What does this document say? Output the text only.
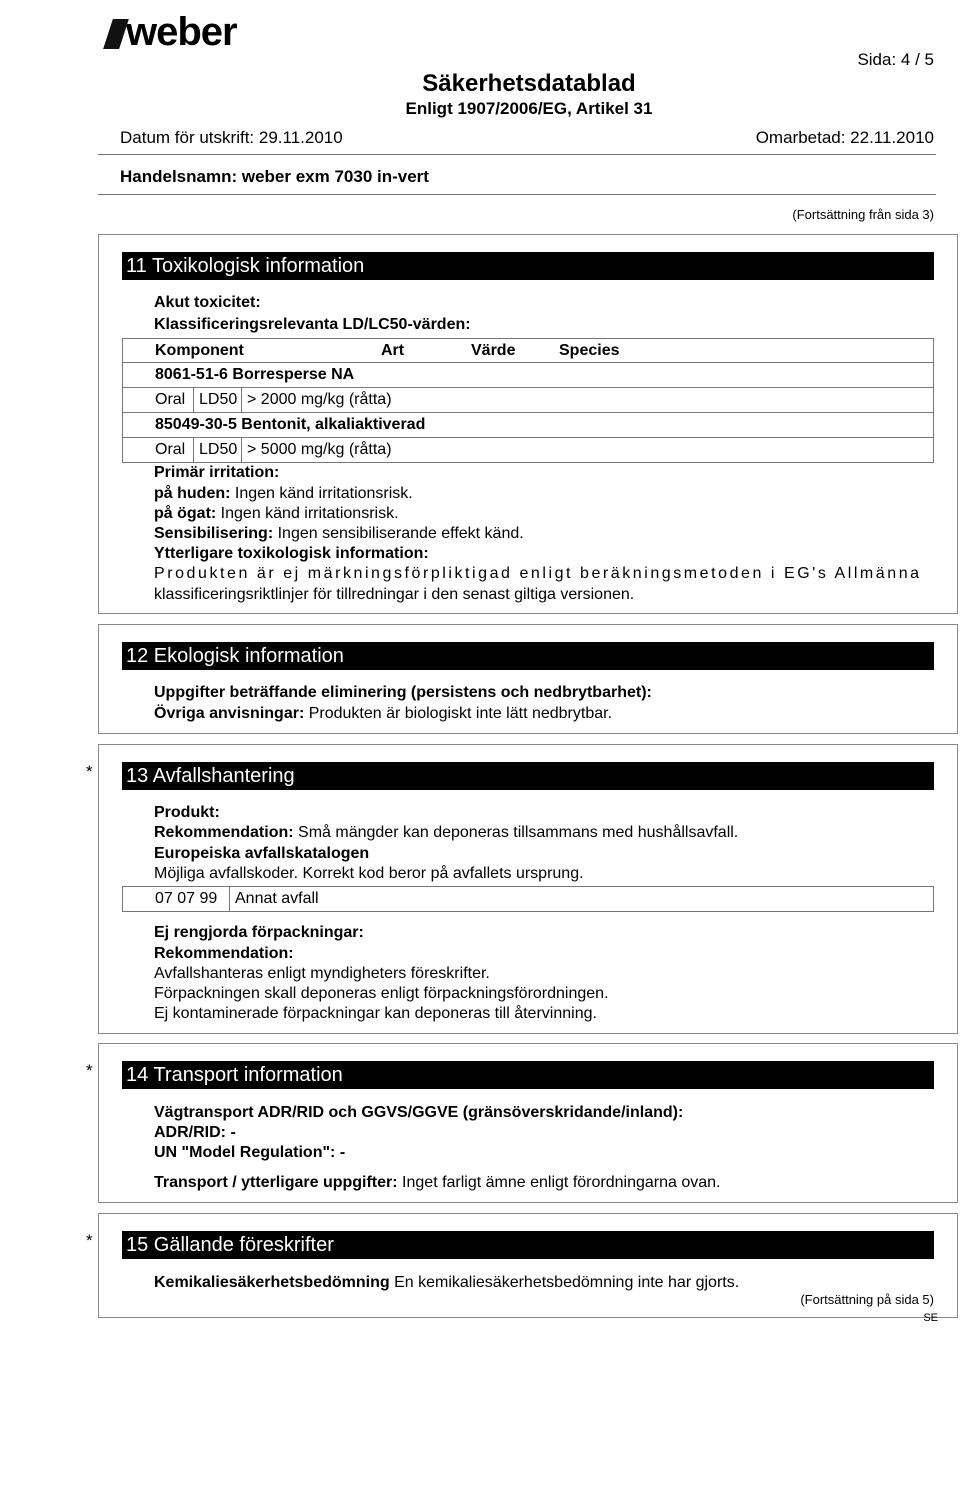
weber
Sida: 4 / 5
Säkerhetsdatablad
Enligt 1907/2006/EG, Artikel 31
Datum för utskrift: 29.11.2010	Omarbetad: 22.11.2010
Handelsnamn: weber exm 7030 in-vert
(Fortsättning från sida 3)
11 Toxikologisk information
Akut toxicitet:
Klassificeringsrelevanta LD/LC50-värden:
Komponent	Art	Värde	Species
8061-51-6 Borresperse NA
Oral LD50 > 2000 mg/kg (råtta)
85049-30-5 Bentonit, alkaliaktiverad
Oral LD50 > 5000 mg/kg (råtta)
Primär irritation:
på huden: Ingen känd irritationsrisk.
på ögat: Ingen känd irritationsrisk.
Sensibilisering: Ingen sensibiliserande effekt känd.
Ytterligare toxikologisk information:
Produkten är ej märkningsförpliktigad enligt beräkningsmetoden i EG's Allmänna
klassificeringsriktlinjer för tillredningar i den senast giltiga versionen.
12 Ekologisk information
Uppgifter beträffande eliminering (persistens och nedbrytbarhet):
Övriga anvisningar: Produkten är biologiskt inte lätt nedbrytbar.
* 13 Avfallshantering
Produkt:
Rekommendation: Små mängder kan deponeras tillsammans med hushållsavfall.
Europeiska avfallskatalogen
Möjliga avfallskoder. Korrekt kod beror på avfallets ursprung.
07 07 99 Annat avfall
Ej rengjorda förpackningar:
Rekommendation:
Avfallshanteras enligt myndigheters föreskrifter.
Förpackningen skall deponeras enligt förpackningsförordningen.
Ej kontaminerade förpackningar kan deponeras till återvinning.
* 14 Transport information
Vägtransport ADR/RID och GGVS/GGVE (gränsöverskridande/inland):
ADR/RID: -
UN "Model Regulation": -
Transport / ytterligare uppgifter: Inget farligt ämne enligt förordningarna ovan.
* 15 Gällande föreskrifter
Kemikaliesäkerhetsbedömning En kemikaliesäkerhetsbedömning inte har gjorts.
(Fortsättning på sida 5)
SE
